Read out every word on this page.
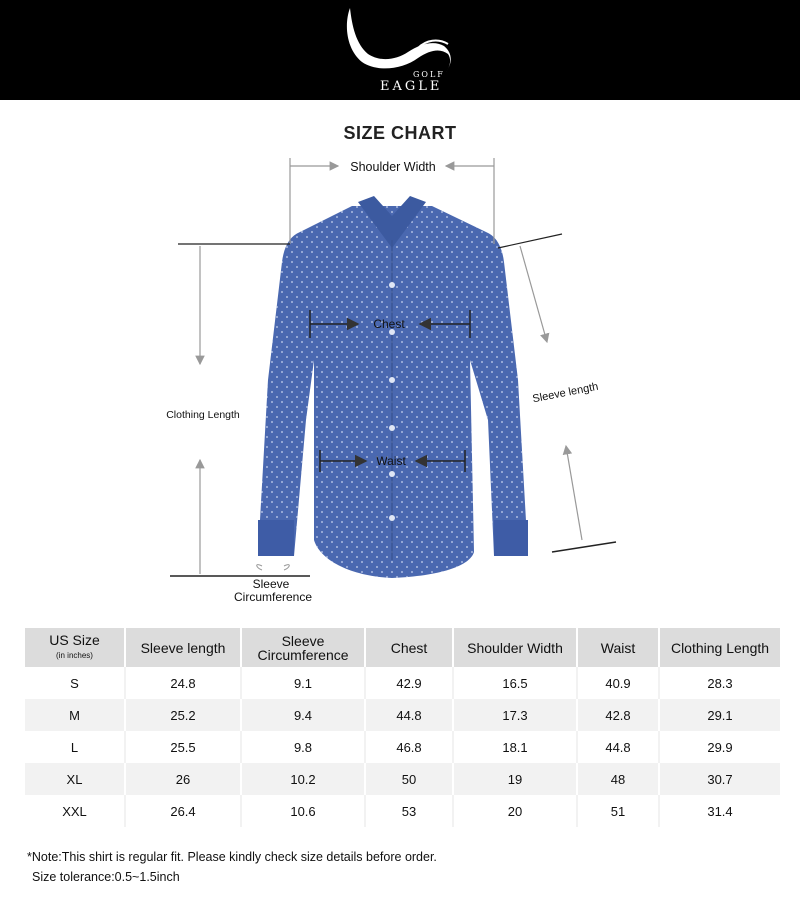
GOLF
EAGLE
SIZE CHART
Shoulder Width
Chest
Waist
Clothing Length
Sleeve length
Sleeve
Circumference
US Size
(in inches)	Sleeve length	Sleeve Circumference	Chest	Shoulder Width	Waist	Clothing Length
S	24.8	9.1	42.9	16.5	40.9	28.3
M	25.2	9.4	44.8	17.3	42.8	29.1
L	25.5	9.8	46.8	18.1	44.8	29.9
XL	26	10.2	50	19	48	30.7
XXL	26.4	10.6	53	20	51	31.4
*Note:This shirt is regular fit. Please kindly check size details before order.
Size tolerance:0.5~1.5inch
